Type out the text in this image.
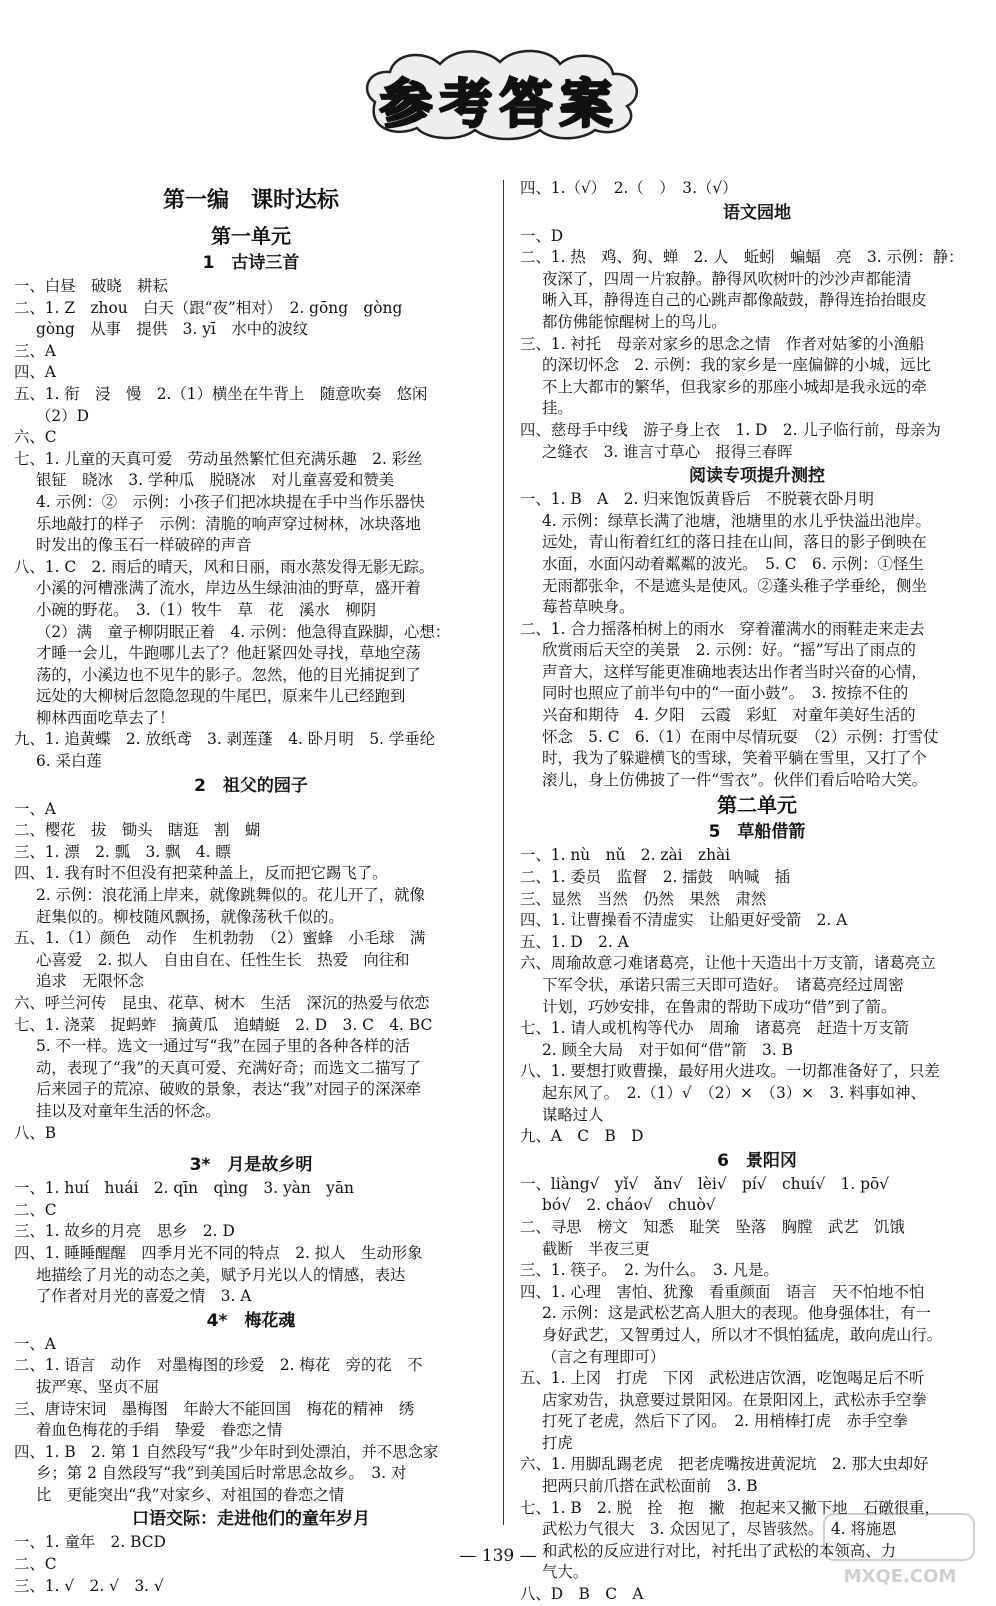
参考答案
第一编　课时达标
第一单元
1　古诗三首
一、白昼　破晓　耕耘
二、1. Z　zhou　白天（跟“夜”相对）　2. gōng　gòng
gòng　从事　提供　3. yī　水中的波纹
三、A
四、A
五、1. 衔　浸　慢　2.（1）横坐在牛背上　随意吹奏　悠闲
（2）D
六、C
七、1. 儿童的天真可爱　劳动虽然繁忙但充满乐趣　2. 彩丝
银钲　晓冰　3. 学种瓜　脱晓冰　对儿童喜爱和赞美
4. 示例：②　示例：小孩子们把冰块提在手中当作乐器快
乐地敲打的样子　示例：清脆的响声穿过树林，冰块落地
时发出的像玉石一样破碎的声音
八、1. C　2. 雨后的晴天，风和日丽，雨水蒸发得无影无踪。
小溪的河槽涨满了流水，岸边丛生绿油油的野草，盛开着
小碗的野花。　3.（1）牧牛　草　花　溪水　柳阴
（2）满　童子柳阴眠正着　4. 示例：他急得直跺脚，心想：
才睡一会儿，牛跑哪儿去了？他赶紧四处寻找，草地空荡
荡的，小溪边也不见牛的影子。忽然，他的目光捕捉到了
远处的大柳树后忽隐忽现的牛尾巴，原来牛儿已经跑到
柳林西面吃草去了！
九、1. 追黄蝶　2. 放纸鸢　3. 剥莲蓬　4. 卧月明　5. 学垂纶
6. 采白莲
2　祖父的园子
一、A
二、樱花　拔　锄头　瞎逛　割　蝴
三、1. 漂　2. 瓢　3. 飘　4. 瞟
四、1. 我有时不但没有把菜种盖上，反而把它踢飞了。
2. 示例：浪花涌上岸来，就像跳舞似的。花儿开了，就像
赶集似的。柳枝随风飘扬，就像荡秋千似的。
五、1.（1）颜色　动作　生机勃勃　（2）蜜蜂　小毛球　满
心喜爱　2. 拟人　自由自在、任性生长　热爱　向往和
追求　无限怀念
六、呼兰河传　昆虫、花草、树木　生活　深沉的热爱与依恋
七、1. 浇菜　捉蚂蚱　摘黄瓜　追蜻蜓　2. D　3. C　4. BC
5. 不一样。选文一通过写“我”在园子里的各种各样的活
动，表现了“我”的天真可爱、充满好奇；而选文二描写了
后来园子的荒凉、破败的景象，表达“我”对园子的深深牵
挂以及对童年生活的怀念。
八、B
3*　月是故乡明
一、1. huí　huái　2. qīn　qìng　3. yàn　yān
二、C
三、1. 故乡的月亮　思乡　2. D
四、1. 睡睡醒醒　四季月光不同的特点　2. 拟人　生动形象
地描绘了月光的动态之美，赋予月光以人的情感，表达
了作者对月光的喜爱之情　3. A
4*　梅花魂
一、A
二、1. 语言　动作　对墨梅图的珍爱　2. 梅花　旁的花　不
拔严寒、坚贞不屈
三、唐诗宋词　墨梅图　年龄大不能回国　梅花的精神　绣
着血色梅花的手绢　挚爱　眷恋之情
四、1. B　2. 第 1 自然段写“我”少年时到处漂泊，并不思念家
乡；第 2 自然段写“我”到美国后时常思念故乡。　3. 对
比　更能突出“我”对家乡、对祖国的眷恋之情
口语交际：走进他们的童年岁月
一、1. 童年　2. BCD
二、C
三、1. √　2. √　3. √
四、1.（√）　2.（　）　3.（√）
语文园地
一、D
二、1. 热　鸡、狗、蝉　2. 人　蚯蚓　蝙蝠　亮　3. 示例：静：
夜深了，四周一片寂静。静得风吹树叶的沙沙声都能清
晰入耳，静得连自己的心跳声都像敲鼓，静得连抬抬眼皮
都仿佛能惊醒树上的鸟儿。
三、1. 衬托　母亲对家乡的思念之情　作者对姑爹的小渔船
的深切怀念　2. 示例：我的家乡是一座偏僻的小城，远比
不上大都市的繁华，但我家乡的那座小城却是我永远的牵
挂。
四、慈母手中线　游子身上衣　1. D　2. 儿子临行前，母亲为
之缝衣　3. 谁言寸草心　报得三春晖
阅读专项提升测控
一、1. B　A　2. 归来饱饭黄昏后　不脱蓑衣卧月明
4. 示例：绿草长满了池塘，池塘里的水儿乎快溢出池岸。
远处，青山衔着红红的落日挂在山间，落日的影子倒映在
水面，水面闪动着粼粼的波光。　5. C　6. 示例：①怪生
无雨都张伞，不是遮头是使风。②蓬头稚子学垂纶，侧坐
莓苔草映身。
二、1. 合力摇落柏树上的雨水　穿着灌满水的雨鞋走来走去
欣赏雨后天空的美景　2. 示例：好。“摇”写出了雨点的
声音大，这样写能更准确地表达出作者当时兴奋的心情，
同时也照应了前半句中的“一面小鼓”。　3. 按捺不住的
兴奋和期待　4. 夕阳　云霞　彩虹　对童年美好生活的
怀念　5. C　6.（1）在雨中尽情玩耍　（2）示例：打雪仗
时，我为了躲避横飞的雪球，笑着平躺在雪里，又打了个
滚儿，身上仿佛披了一件“雪衣”。伙伴们看后哈哈大笑。
第二单元
5　草船借箭
一、1. nù　nǔ　2. zài　zhài
二、1. 委员　监督　2. 擂鼓　呐喊　插
三、显然　当然　仍然　果然　肃然
四、1. 让曹操看不清虚实　让船更好受箭　2. A
五、1. D　2. A
六、周瑜故意刁难诸葛亮，让他十天造出十万支箭，诸葛亮立
下军令状，承诺只需三天即可造好。　诸葛亮经过周密
计划，巧妙安排，在鲁肃的帮助下成功“借”到了箭。
七、1. 请人或机构等代办　周瑜　诸葛亮　赶造十万支箭
2. 顾全大局　对于如何“借”箭　3. B
八、1. 要想打败曹操，最好用火进攻。一切都准备好了，只差
起东风了。　2.（1）√　（2）×　（3）×　3. 料事如神、
谋略过人
九、A　C　B　D
6　景阳冈
一、liàng√　yǐ√　ǎn√　lèi√　pí√　chuí√　1. pō√
bó√　2. cháo√　chuò√
二、寻思　榜文　知悉　耻笑　坠落　胸膛　武艺　饥饿
截断　半夜三更
三、1. 筷子。　2. 为什么。　3. 凡是。
四、1. 心理　害怕、犹豫　看重颜面　语言　天不怕地不怕
2. 示例：这是武松艺高人胆大的表现。他身强体壮，有一
身好武艺，又智勇过人，所以才不惧怕猛虎，敢向虎山行。
（言之有理即可）
五、1. 上冈　打虎　下冈　武松进店饮酒，吃饱喝足后不听
店家劝告，执意要过景阳冈。在景阳冈上，武松赤手空拳
打死了老虎，然后下了冈。　2. 用梢棒打虎　赤手空拳
打虎
六、1. 用脚乱踢老虎　把老虎嘴按进黄泥坑　2. 那大虫却好
把两只前爪搭在武松面前　3. B
七、1. B　2. 脱　拴　抱　撇　抱起来又撇下地　石礅很重，
武松力气很大　3. 众因见了，尽皆骇然。　4. 将施恩
和武松的反应进行对比，衬托出了武松的本领高、力
气大。
八、D　B　C　A
— 139 —
MXQE.COM
